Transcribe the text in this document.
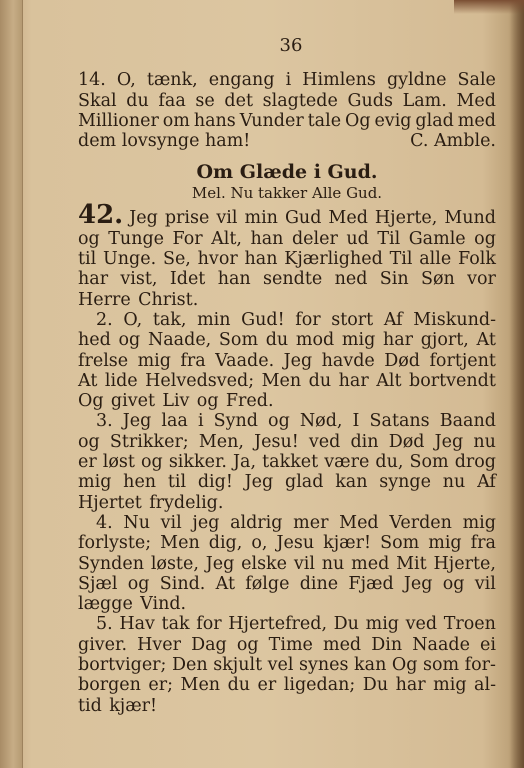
36
14. O, tænk, engang i Himlens gyldne Sale
Skal du faa se det slagtede Guds Lam. Med
Millioner om hans Vunder tale Og evig glad med
dem lovsynge ham!	C. Amble.
Om Glæde i Gud.
Mel. Nu takker Alle Gud.
42. Jeg prise vil min Gud Med Hjerte, Mund
og Tunge For Alt, han deler ud Til Gamle og
til Unge. Se, hvor han Kjærlighed Til alle Folk
har vist, Idet han sendte ned Sin Søn vor
Herre Christ.
2. O, tak, min Gud! for stort Af Miskund-
hed og Naade, Som du mod mig har gjort, At
frelse mig fra Vaade. Jeg havde Død fortjent
At lide Helvedsved; Men du har Alt bortvendt
Og givet Liv og Fred.
3. Jeg laa i Synd og Nød, I Satans Baand
og Strikker; Men, Jesu! ved din Død Jeg nu
er løst og sikker. Ja, takket være du, Som drog
mig hen til dig! Jeg glad kan synge nu Af
Hjertet frydelig.
4. Nu vil jeg aldrig mer Med Verden mig
forlyste; Men dig, o, Jesu kjær! Som mig fra
Synden løste, Jeg elske vil nu med Mit Hjerte,
Sjæl og Sind. At følge dine Fjæd Jeg og vil
lægge Vind.
5. Hav tak for Hjertefred, Du mig ved Troen
giver. Hver Dag og Time med Din Naade ei
bortviger; Den skjult vel synes kan Og som for-
borgen er; Men du er ligedan; Du har mig al-
tid kjær!
